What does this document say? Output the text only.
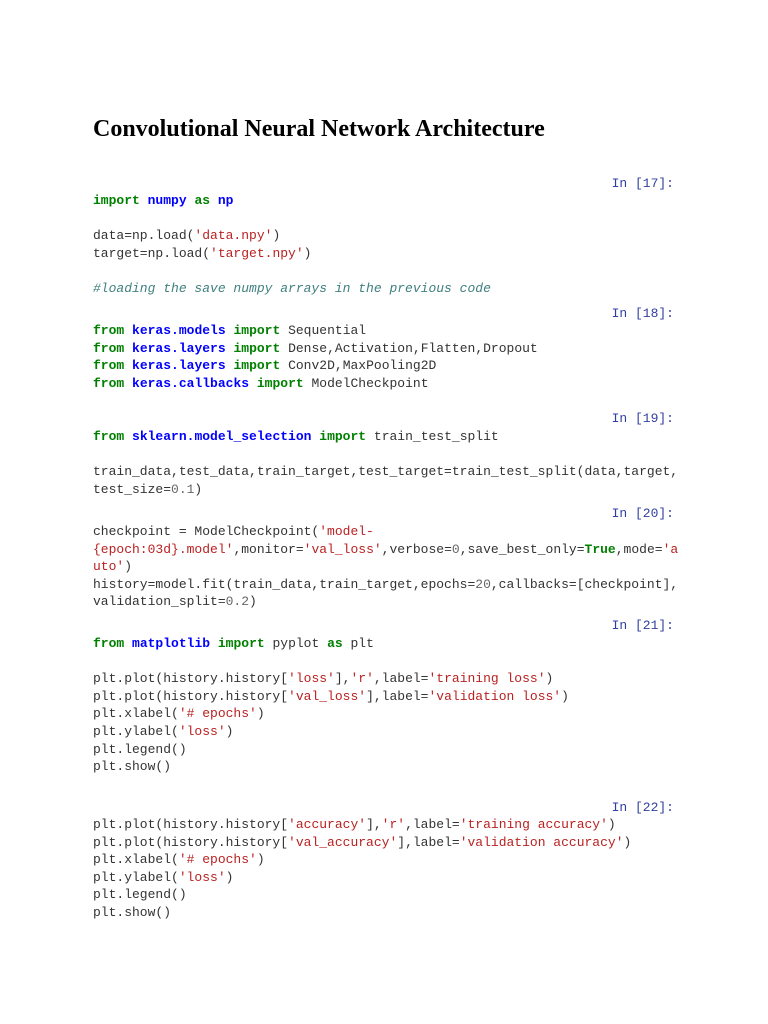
Convolutional Neural Network Architecture
In [17]:
import numpy as np
data=np.load('data.npy')
target=np.load('target.npy')
#loading the save numpy arrays in the previous code
In [18]:
from keras.models import Sequential
from keras.layers import Dense,Activation,Flatten,Dropout
from keras.layers import Conv2D,MaxPooling2D
from keras.callbacks import ModelCheckpoint
In [19]:
from sklearn.model_selection import train_test_split
train_data,test_data,train_target,test_target=train_test_split(data,target,
test_size=0.1)
In [20]:
checkpoint = ModelCheckpoint('model-
{epoch:03d}.model',monitor='val_loss',verbose=0,save_best_only=True,mode='a
uto')
history=model.fit(train_data,train_target,epochs=20,callbacks=[checkpoint],
validation_split=0.2)
In [21]:
from matplotlib import pyplot as plt
plt.plot(history.history['loss'],'r',label='training loss')
plt.plot(history.history['val_loss'],label='validation loss')
plt.xlabel('# epochs')
plt.ylabel('loss')
plt.legend()
plt.show()
In [22]:
plt.plot(history.history['accuracy'],'r',label='training accuracy')
plt.plot(history.history['val_accuracy'],label='validation accuracy')
plt.xlabel('# epochs')
plt.ylabel('loss')
plt.legend()
plt.show()
